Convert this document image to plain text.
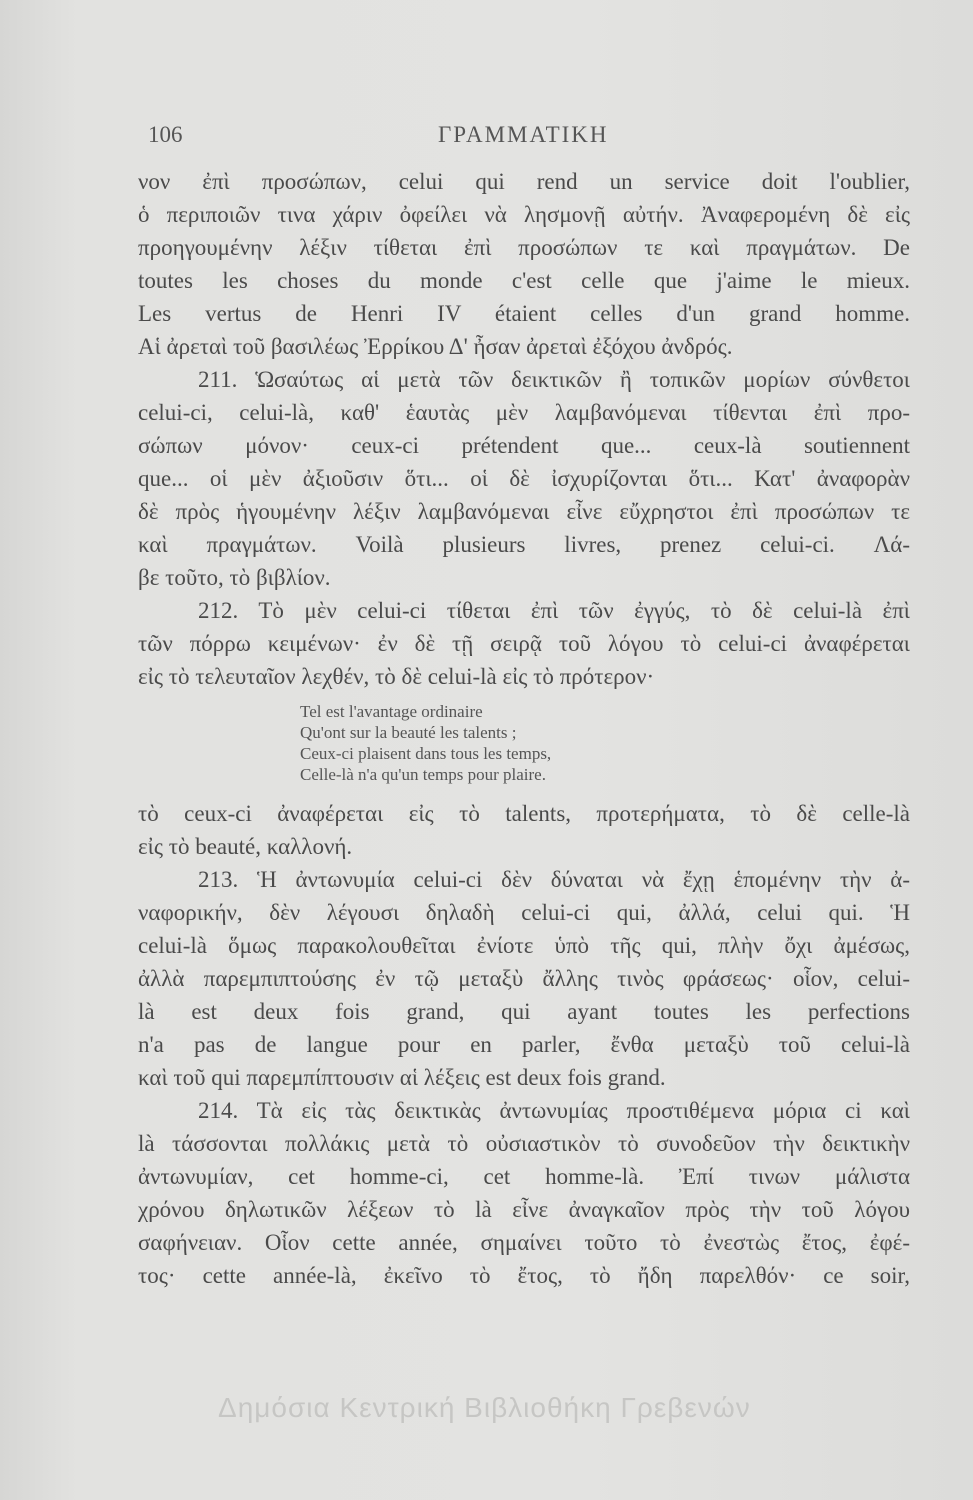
106	ΓΡΑΜΜΑΤΙΚΗ
νον ἐπὶ προσώπων, celui qui rend un service doit l'oublier,
ὁ περιποιῶν τινα χάριν ὀφείλει νὰ λησμονῇ αὐτήν. Ἀναφερομένη δὲ εἰς
προηγουμένην λέξιν τίθεται ἐπὶ προσώπων τε καὶ πραγμάτων. De
toutes les choses du monde c'est celle que j'aime le mieux.
Les vertus de Henri IV étaient celles d'un grand homme.
Αἱ ἀρεταὶ τοῦ βασιλέως Ἐρρίκου Δ' ἦσαν ἀρεταὶ ἐξόχου ἀνδρός.
211. Ὡσαύτως αἱ μετὰ τῶν δεικτικῶν ἢ τοπικῶν μορίων σύνθετοι
celui-ci, celui-là, καθ' ἑαυτὰς μὲν λαμβανόμεναι τίθενται ἐπὶ προ-
σώπων μόνον· ceux-ci prétendent que... ceux-là soutiennent
que... οἱ μὲν ἀξιοῦσιν ὅτι... οἱ δὲ ἰσχυρίζονται ὅτι... Κατ' ἀναφορὰν
δὲ πρὸς ἡγουμένην λέξιν λαμβανόμεναι εἶνε εὔχρηστοι ἐπὶ προσώπων τε
καὶ πραγμάτων. Voilà plusieurs livres, prenez celui-ci. Λά-
βε τοῦτο, τὸ βιβλίον.
212. Τὸ μὲν celui-ci τίθεται ἐπὶ τῶν ἐγγύς, τὸ δὲ celui-là ἐπὶ
τῶν πόρρω κειμένων· ἐν δὲ τῇ σειρᾷ τοῦ λόγου τὸ celui-ci ἀναφέρεται
εἰς τὸ τελευταῖον λεχθέν, τὸ δὲ celui-là εἰς τὸ πρότερον·
Tel est l'avantage ordinaire
Qu'ont sur la beauté les talents ;
Ceux-ci plaisent dans tous les temps,
Celle-là n'a qu'un temps pour plaire.
τὸ ceux-ci ἀναφέρεται εἰς τὸ talents, προτερήματα, τὸ δὲ celle-là
εἰς τὸ beauté, καλλονή.
213. Ἡ ἀντωνυμία celui-ci δὲν δύναται νὰ ἔχῃ ἑπομένην τὴν ἀ-
ναφορικήν, δὲν λέγουσι δηλαδὴ celui-ci qui, ἀλλά, celui qui. Ἡ
celui-là ὅμως παρακολουθεῖται ἐνίοτε ὑπὸ τῆς qui, πλὴν ὄχι ἀμέσως,
ἀλλὰ παρεμπιπτούσης ἐν τῷ μεταξὺ ἄλλης τινὸς φράσεως· οἷον, celui-
là est deux fois grand, qui ayant toutes les perfections
n'a pas de langue pour en parler, ἔνθα μεταξὺ τοῦ celui-là
καὶ τοῦ qui παρεμπίπτουσιν αἱ λέξεις est deux fois grand.
214. Τὰ εἰς τὰς δεικτικὰς ἀντωνυμίας προστιθέμενα μόρια ci καὶ
là τάσσονται πολλάκις μετὰ τὸ οὐσιαστικὸν τὸ συνοδεῦον τὴν δεικτικὴν
ἀντωνυμίαν, cet homme-ci, cet homme-là. Ἐπί τινων μάλιστα
χρόνου δηλωτικῶν λέξεων τὸ là εἶνε ἀναγκαῖον πρὸς τὴν τοῦ λόγου
σαφήνειαν. Οἷον cette année, σημαίνει τοῦτο τὸ ἐνεστὼς ἔτος, ἐφέ-
τος· cette année-là, ἐκεῖνο τὸ ἔτος, τὸ ἤδη παρελθόν· ce soir,
Δημόσια Κεντρική Βιβλιοθήκη Γρεβενών
